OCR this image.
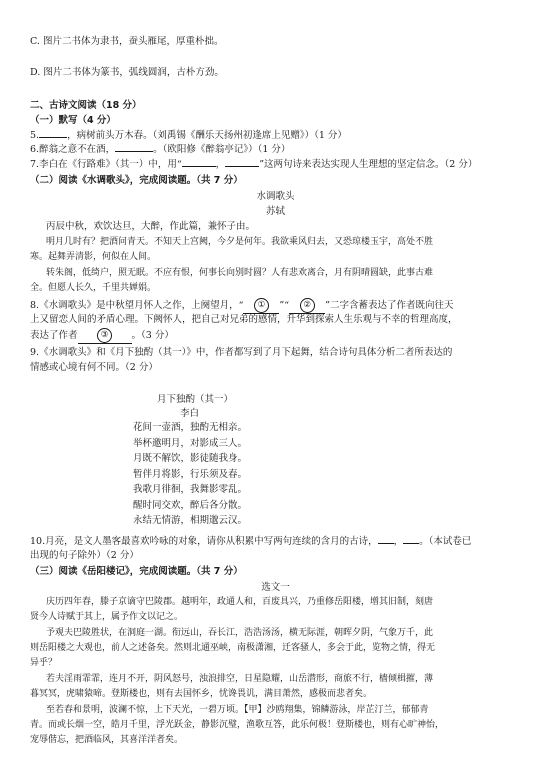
C. 图片二书体为隶书，蚕头雁尾，厚重朴拙。
D. 图片二书体为篆书，弧线圆润，古朴方劲。
二、古诗文阅读（18 分）
（一）默写（4 分）
5.	，病树前头万木春。（刘禹锡《酬乐天扬州初逢席上见赠》）（1 分）
6.醉翁之意不在酒，	。（欧阳修《醉翁亭记》）（1 分）
7.李白在《行路难》（其一）中，用“	，	”这两句诗来表达实现人生理想的坚定信念。（2 分）
（二）阅读《水调歌头》，完成阅读题。（共 7 分）
水调歌头
苏轼
丙辰中秋，欢饮达旦，大醉，作此篇，兼怀子由。
明月几时有？把酒问青天。不知天上宫阙，今夕是何年。我欲乘风归去，又恐琼楼玉宇，高处不胜
寒。起舞弄清影，何似在人间。
转朱阁，低绮户，照无眠。不应有恨，何事长向别时圆？人有悲欢离合，月有阴晴圆缺，此事古难
全。但愿人长久，千里共婵娟。
8.《水调歌头》是中秋望月怀人之作，上阕望月，“ ① ”“ ② ”二字含蓄表达了作者既向往天
上又留恋人间的矛盾心理。下阙怀人，把自己对兄弟的感情，升华到探索人生乐观与不幸的哲理高度，
表达了作者	③ 。（3 分）
9.《水调歌头》和《月下独酌（其一）》中，作者都写到了月下起舞，结合诗句具体分析二者所表达的
情感或心境有何不同。（2 分）
月下独酌（其一）
李白
花间一壶酒，独酌无相亲。
举杯邀明月，对影成三人。
月既不解饮，影徒随我身。
暂伴月将影，行乐须及春。
我歌月徘徊，我舞影零乱。
醒时同交欢，醉后各分散。
永结无情游，相期邈云汉。
10.月亮，是文人墨客最喜欢吟咏的对象，请你从积累中写两句连续的含月的古诗， ， 。（本试卷已
出现的句子除外）（2 分）
（三）阅读《岳阳楼记》，完成阅读题。（共 7 分）
选文一
庆历四年春，滕子京谪守巴陵郡。越明年，政通人和，百废具兴，乃重修岳阳楼，增其旧制，刻唐
贤今人诗赋于其上，属予作文以记之。
予观夫巴陵胜状，在洞庭一湖。衔远山，吞长江，浩浩汤汤，横无际涯，朝晖夕阴，气象万千，此
则岳阳楼之大观也，前人之述备矣。然则北通巫峡，南极潇湘，迁客骚人，多会于此，览物之情，得无
异乎？
若夫淫雨霏霏，连月不开，阴风怒号，浊浪排空，日星隐耀，山岳潜形，商旅不行，樯倾楫摧，薄
暮冥冥，虎啸猿啼。登斯楼也，则有去国怀乡，忧谗畏讥，满目萧然，感极而悲者矣。
至若春和景明，波澜不惊，上下天光，一碧万顷。【甲】沙鸥翔集，锦鳞游泳，岸芷汀兰，郁郁青
青。而或长烟一空，皓月千里，浮光跃金，静影沉璧，渔歌互答，此乐何极！登斯楼也，则有心旷神怡，
宠辱偕忘，把酒临风，其喜洋洋者矣。
